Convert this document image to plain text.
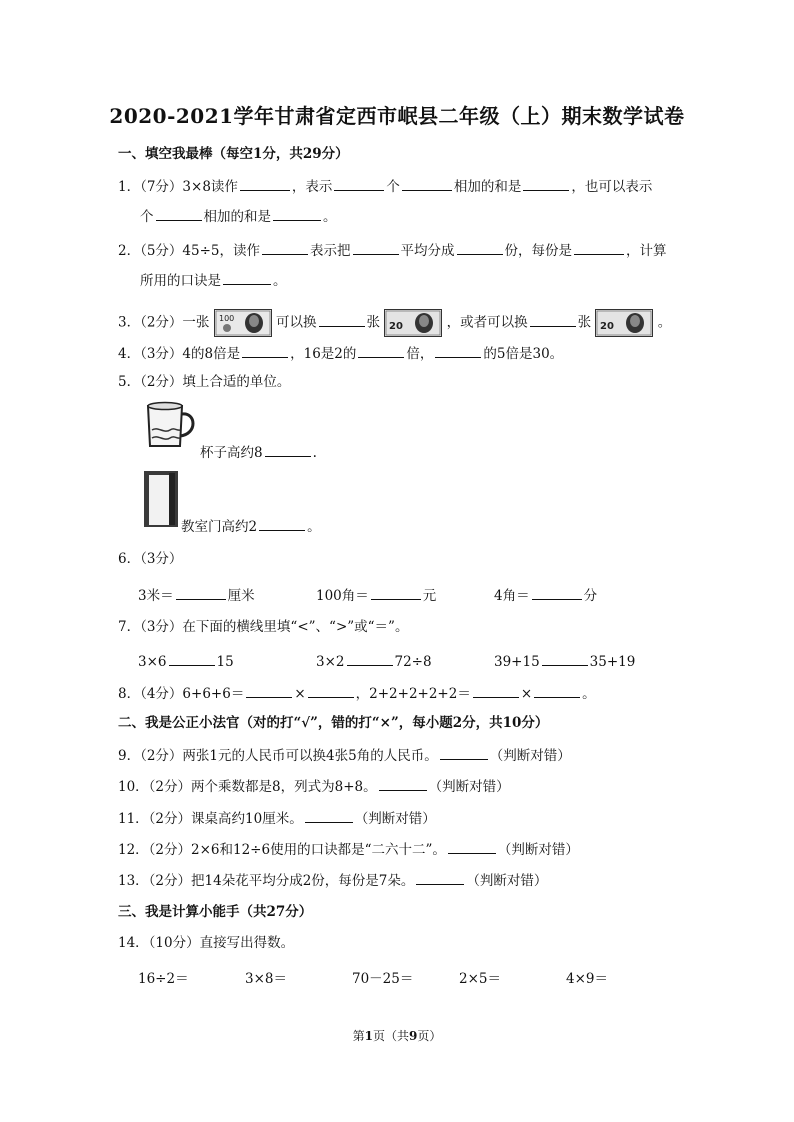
2020-2021学年甘肃省定西市岷县二年级（上）期末数学试卷
一、填空我最棒（每空1分，共29分）
1．（7分）3×8读作	，表示	个	相加的和是	，也可以表示
个	相加的和是	。
2．（5分）45÷5，读作	表示把	平均分成	份，每份是	，计算
所用的口诀是	。
3．（2分）一张 100	可以换	张 20	，或者可以换	张 20	。
4．（3分）4的8倍是	，16是2的	倍，	的5倍是30。
5．（2分）填上合适的单位。
杯子高约8	.
教室门高约2	。
6．（3分）
3米＝	厘米	100角＝	元	4角＝	分
7．（3分）在下面的横线里填“<”、“>”或“＝”。
3×6	15	3×2	72÷8	39+15	35+19
8．（4分）6+6+6＝	×	，2+2+2+2+2＝	×	。
二、我是公正小法官（对的打“√”，错的打“×”，每小题2分，共10分）
9．（2分）两张1元的人民币可以换4张5角的人民币。	（判断对错）
10．（2分）两个乘数都是8，列式为8+8。	（判断对错）
11．（2分）课桌高约10厘米。	（判断对错）
12．（2分）2×6和12÷6使用的口诀都是“二六十二”。	（判断对错）
13．（2分）把14朵花平均分成2份，每份是7朵。	（判断对错）
三、我是计算小能手（共27分）
14．（10分）直接写出得数。
16÷2＝	3×8＝	70－25＝	2×5＝	4×9＝
第1页（共9页）
